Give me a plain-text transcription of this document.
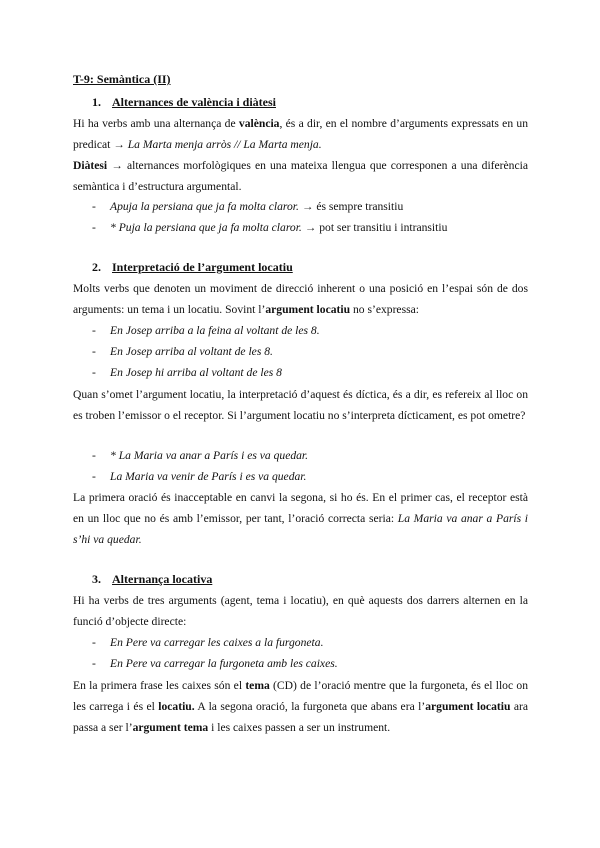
T-9: Semàntica (II)
1. Alternances de valència i diàtesi
Hi ha verbs amb una alternança de valència, és a dir, en el nombre d’arguments expressats en un predicat → La Marta menja arròs // La Marta menja.
Diàtesi → alternances morfològiques en una mateixa llengua que corresponen a una diferència semàntica i d’estructura argumental.
- Apuja la persiana que ja fa molta claror. → és sempre transitiu
- * Puja la persiana que ja fa molta claror. → pot ser transitiu i intransitiu
2. Interpretació de l’argument locatiu
Molts verbs que denoten un moviment de direcció inherent o una posició en l’espai són de dos arguments: un tema i un locatiu. Sovint l’argument locatiu no s’expressa:
- En Josep arriba a la feina al voltant de les 8.
- En Josep arriba al voltant de les 8.
- En Josep hi arriba al voltant de les 8
Quan s’omet l’argument locatiu, la interpretació d’aquest és díctica, és a dir, es refereix al lloc on es troben l’emissor o el receptor. Si l’argument locatiu no s’interpreta dícticament, es pot ometre?
- * La Maria va anar a París i es va quedar.
- La Maria va venir de París i es va quedar.
La primera oració és inacceptable en canvi la segona, si ho és. En el primer cas, el receptor està en un lloc que no és amb l’emissor, per tant, l’oració correcta seria: La Maria va anar a París i s’hi va quedar.
3. Alternança locativa
Hi ha verbs de tres arguments (agent, tema i locatiu), en què aquests dos darrers alternen en la funció d’objecte directe:
- En Pere va carregar les caixes a la furgoneta.
- En Pere va carregar la furgoneta amb les caixes.
En la primera frase les caixes són el tema (CD) de l’oració mentre que la furgoneta, és el lloc on les carrega i és el locatiu. A la segona oració, la furgoneta que abans era l’argument locatiu ara passa a ser l’argument tema i les caixes passen a ser un instrument.
